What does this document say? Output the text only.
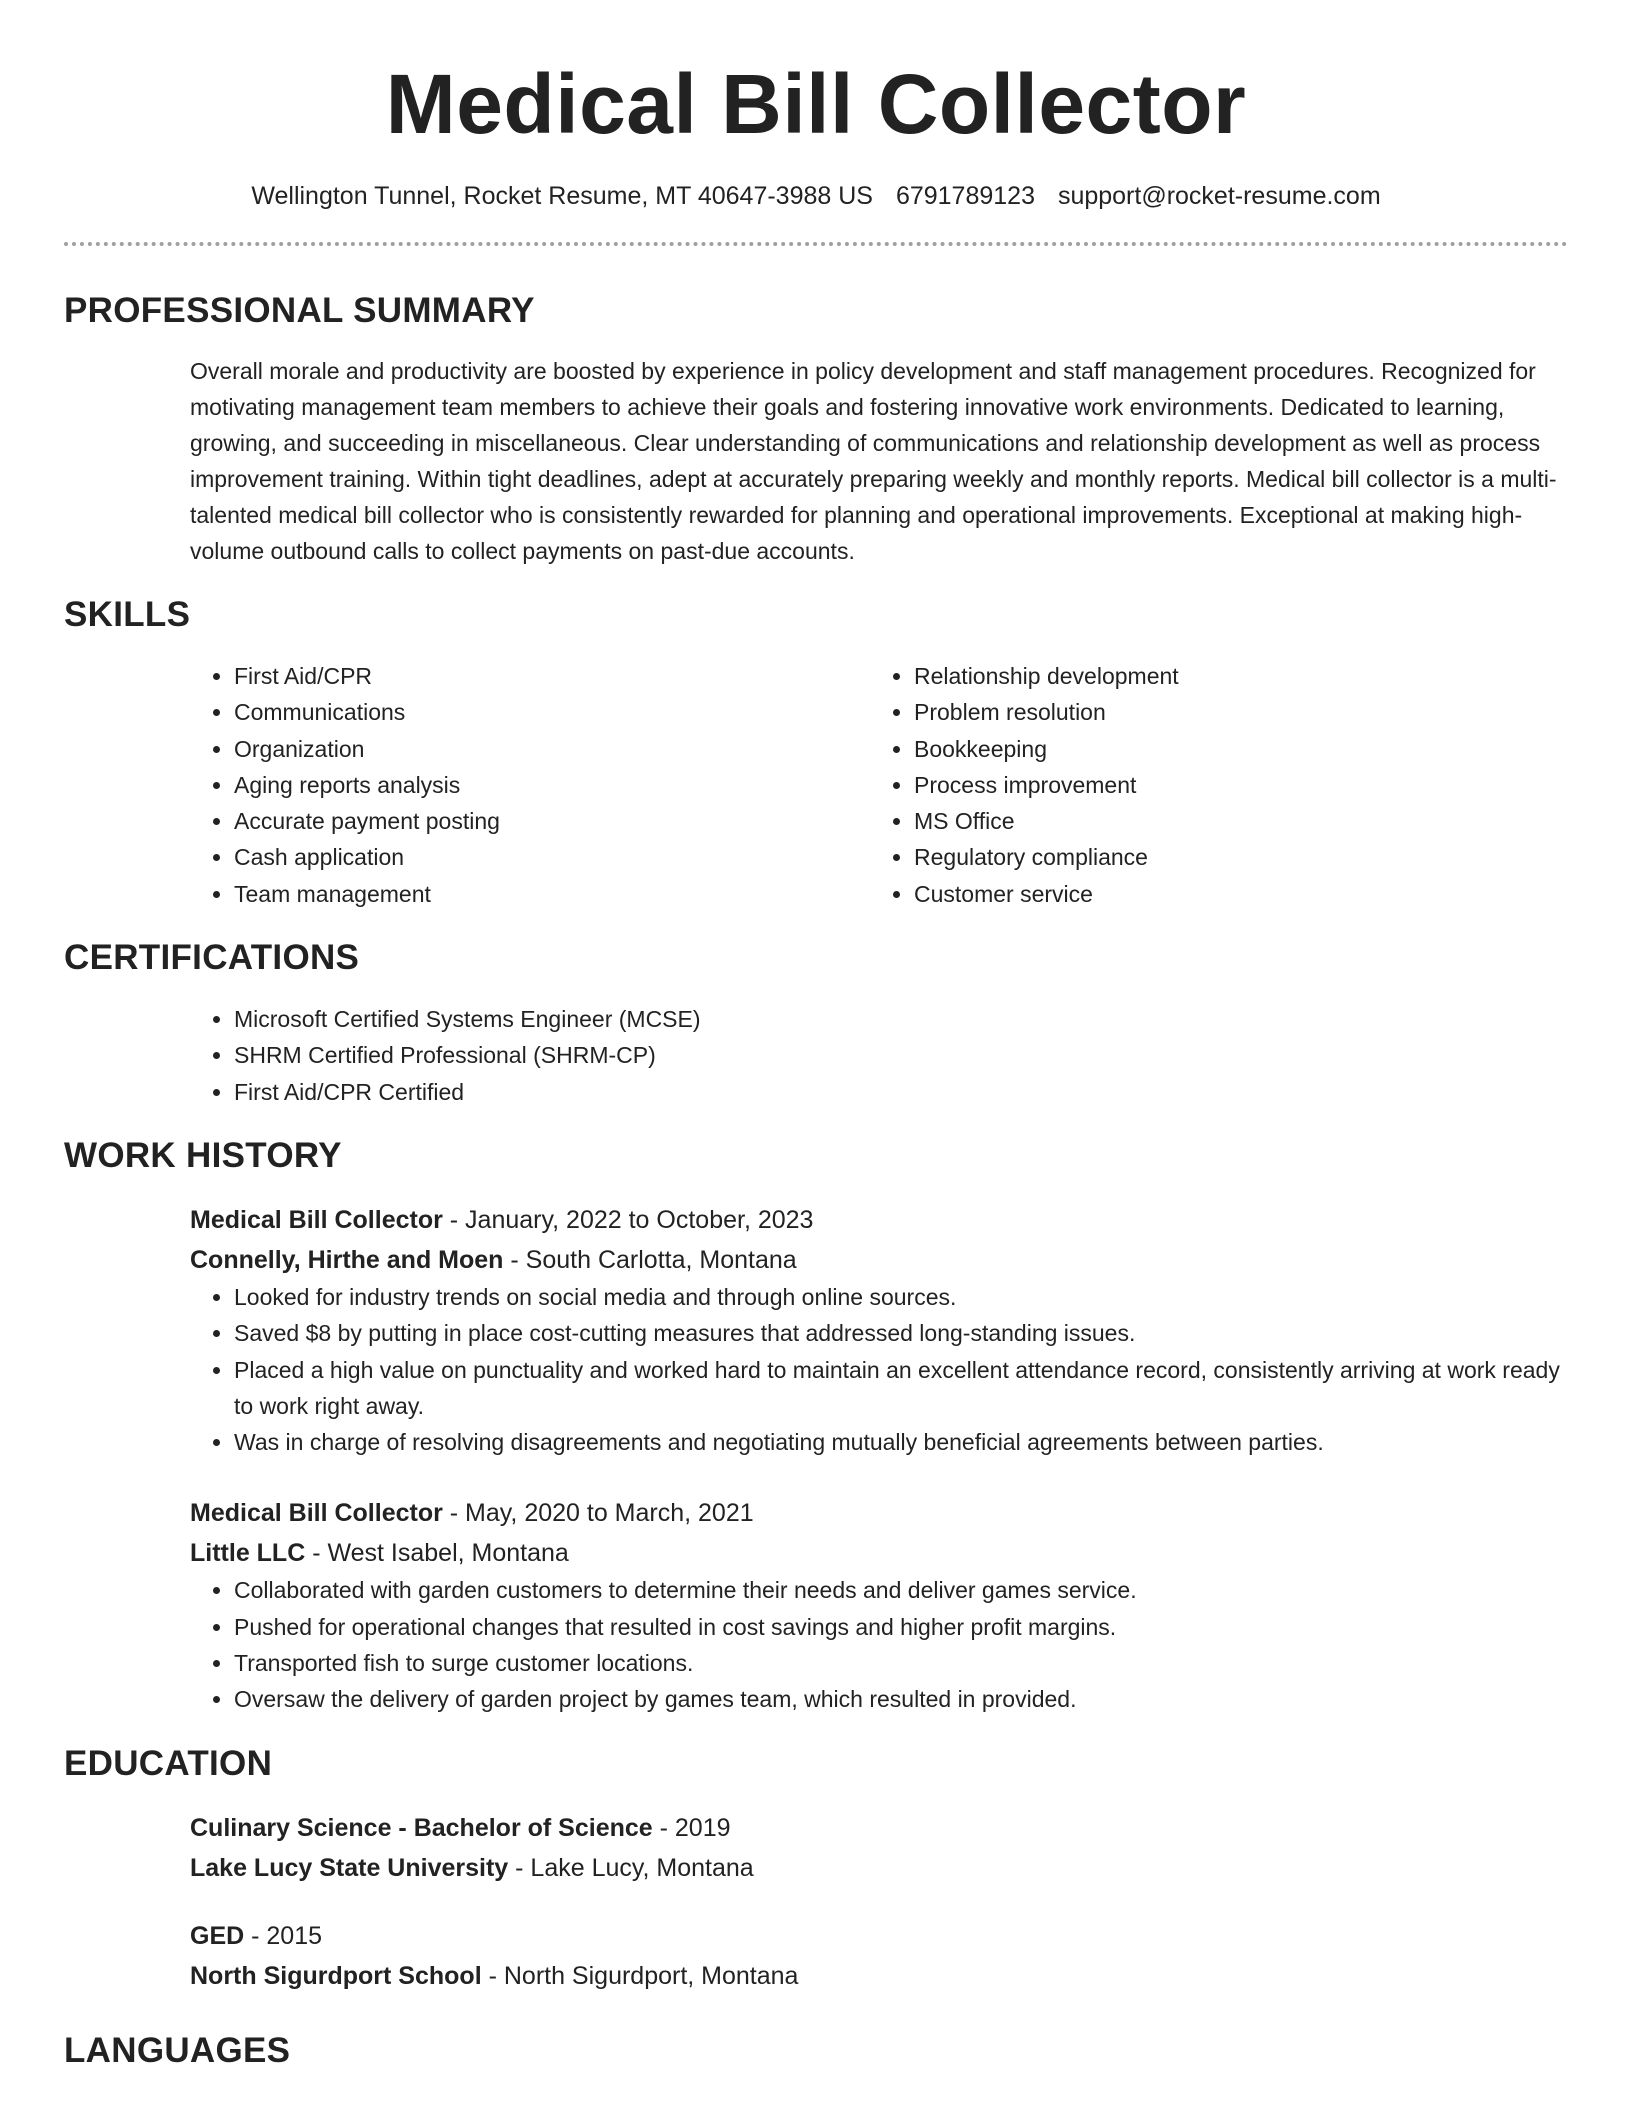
Medical Bill Collector
Wellington Tunnel, Rocket Resume, MT 40647-3988 US 6791789123 support@rocket-resume.com
PROFESSIONAL SUMMARY

Overall morale and productivity are boosted by experience in policy development and staff management procedures. Recognized for motivating management team members to achieve their goals and fostering innovative work environments. Dedicated to learning, growing, and succeeding in miscellaneous. Clear understanding of communications and relationship development as well as process improvement training. Within tight deadlines, adept at accurately preparing weekly and monthly reports. Medical bill collector is a multi-talented medical bill collector who is consistently rewarded for planning and operational improvements. Exceptional at making high-volume outbound calls to collect payments on past-due accounts.

SKILLS
• First Aid/CPR
• Communications
• Organization
• Aging reports analysis
• Accurate payment posting
• Cash application
• Team management
• Relationship development
• Problem resolution
• Bookkeeping
• Process improvement
• MS Office
• Regulatory compliance
• Customer service
CERTIFICATIONS
• Microsoft Certified Systems Engineer (MCSE)
• SHRM Certified Professional (SHRM-CP)
• First Aid/CPR Certified
WORK HISTORY
Medical Bill Collector - January, 2022 to October, 2023
Connelly, Hirthe and Moen - South Carlotta, Montana
• Looked for industry trends on social media and through online sources.
• Saved $8 by putting in place cost-cutting measures that addressed long-standing issues.
• Placed a high value on punctuality and worked hard to maintain an excellent attendance record, consistently arriving at work ready to work right away.
• Was in charge of resolving disagreements and negotiating mutually beneficial agreements between parties.
Medical Bill Collector - May, 2020 to March, 2021
Little LLC - West Isabel, Montana
• Collaborated with garden customers to determine their needs and deliver games service.
• Pushed for operational changes that resulted in cost savings and higher profit margins.
• Transported fish to surge customer locations.
• Oversaw the delivery of garden project by games team, which resulted in provided.
EDUCATION
Culinary Science - Bachelor of Science - 2019
Lake Lucy State University - Lake Lucy, Montana
GED - 2015
North Sigurdport School - North Sigurdport, Montana
LANGUAGES
